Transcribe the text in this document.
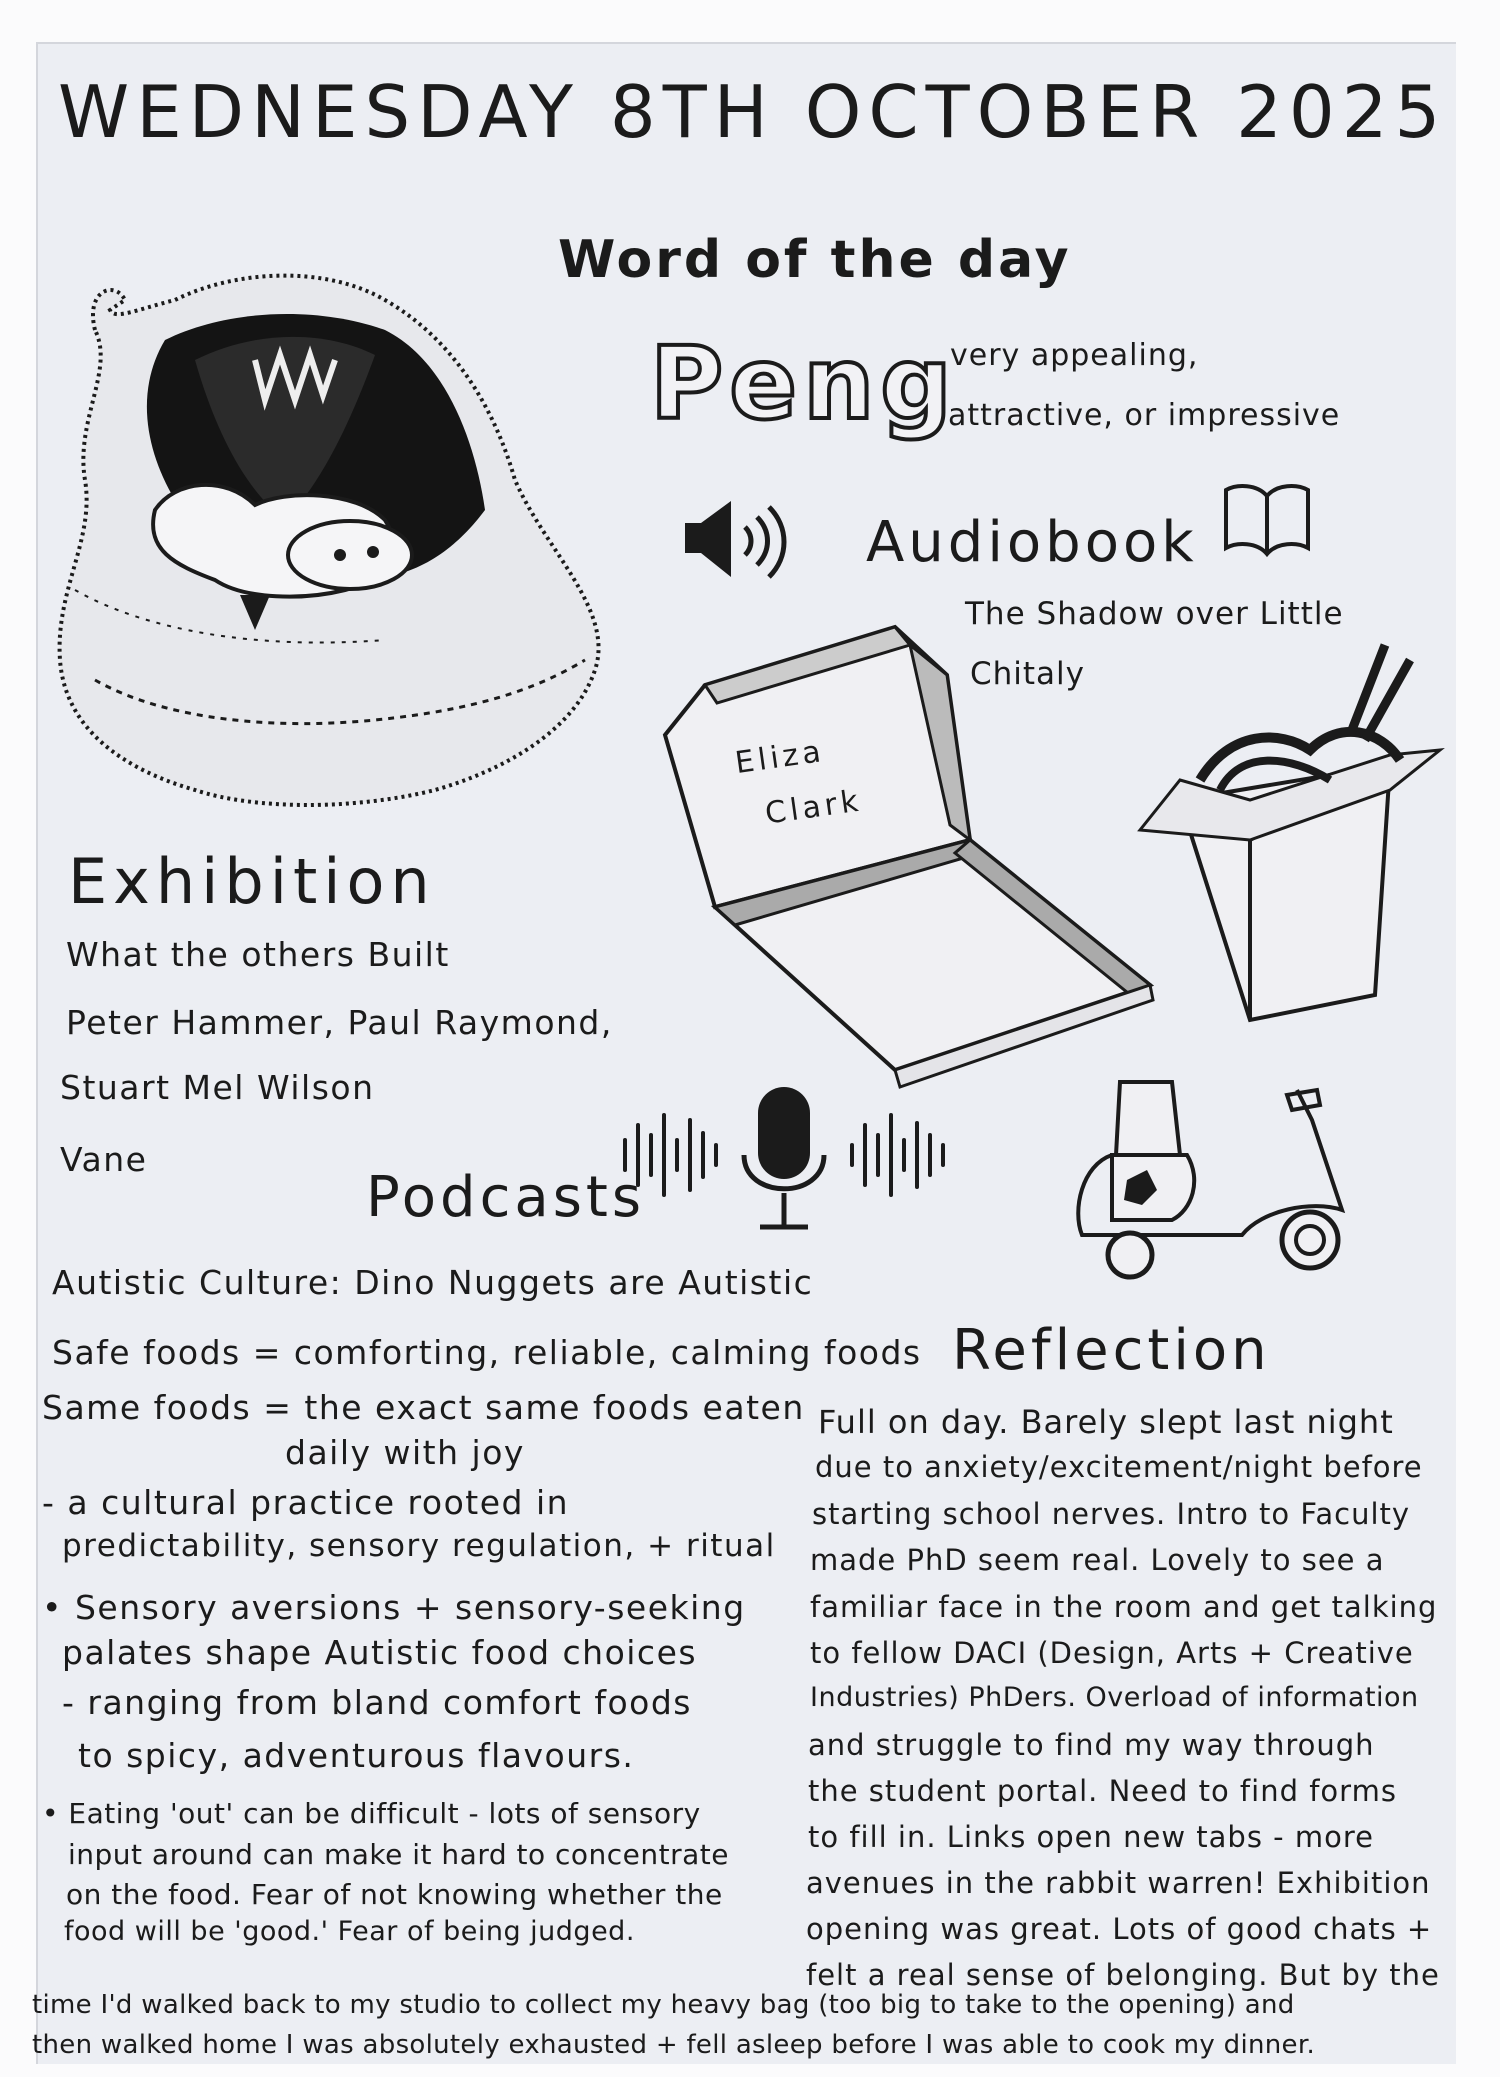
WEDNESDAY 8TH OCTOBER 2025
Word of the day
Peng
very appealing,
attractive, or impressive
Audiobook
The Shadow over Little
Chitaly
Eliza
Clark
Exhibition
What the others Built
Peter Hammer, Paul Raymond,
Stuart Mel Wilson
Vane
Podcasts
Autistic Culture: Dino Nuggets are Autistic
Safe foods = comforting, reliable, calming foods
Same foods = the exact same foods eaten
daily with joy
- a cultural practice rooted in
predictability, sensory regulation, + ritual
• Sensory aversions + sensory-seeking
palates shape Autistic food choices
- ranging from bland comfort foods
to spicy, adventurous flavours.
• Eating 'out' can be difficult - lots of sensory
input around can make it hard to concentrate
on the food. Fear of not knowing whether the
food will be 'good.' Fear of being judged.
Reflection
Full on day. Barely slept last night
due to anxiety/excitement/night before
starting school nerves. Intro to Faculty
made PhD seem real. Lovely to see a
familiar face in the room and get talking
to fellow DACI (Design, Arts + Creative
Industries) PhDers. Overload of information
and struggle to find my way through
the student portal. Need to find forms
to fill in. Links open new tabs - more
avenues in the rabbit warren! Exhibition
opening was great. Lots of good chats +
felt a real sense of belonging. But by the
time I'd walked back to my studio to collect my heavy bag (too big to take to the opening) and
then walked home I was absolutely exhausted + fell asleep before I was able to cook my dinner.
